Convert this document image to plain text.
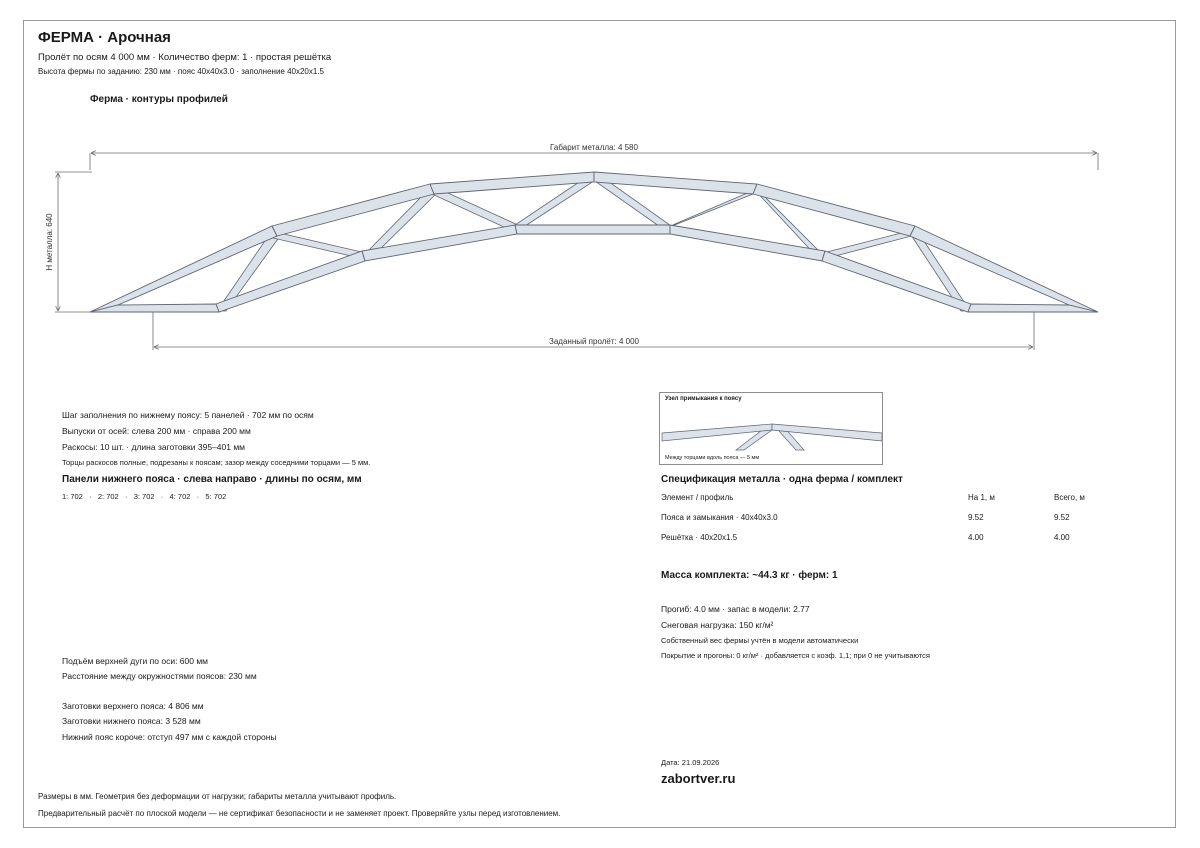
ФЕРМА · Арочная
Пролёт по осям 4 000 мм · Количество ферм: 1 · простая решётка
Высота фермы по заданию: 230 мм · пояс 40x40x3.0 · заполнение 40x20x1.5
Ферма · контуры профилей
Габарит металла: 4 580
Н металла: 640
Заданный пролёт: 4 000
Шаг заполнения по нижнему поясу: 5 панелей · 702 мм по осям
Выпуски от осей: слева 200 мм · справа 200 мм
Раскосы: 10 шт. · длина заготовки 395–401 мм
Торцы раскосов полные, подрезаны к поясам; зазор между соседними торцами — 5 мм.
Панели нижнего пояса · слева направо · длины по осям, мм
1: 702   ·   2: 702   ·   3: 702   ·   4: 702   ·   5: 702
Подъём верхней дуги по оси: 600 мм
Расстояние между окружностями поясов: 230 мм
Заготовки верхнего пояса: 4 806 мм
Заготовки нижнего пояса: 3 528 мм
Нижний пояс короче: отступ 497 мм с каждой стороны
Узел примыкания к поясу
Между торцами вдоль пояса — 5 мм
Спецификация металла · одна ферма / комплект
Элемент / профиль	На 1, м	Всего, м
Пояса и замыкания · 40x40x3.0	9.52	9.52
Решётка · 40x20x1.5	4.00	4.00
Масса комплекта: ~44.3 кг · ферм: 1
Прогиб: 4.0 мм · запас в модели: 2.77
Снеговая нагрузка: 150 кг/м²
Собственный вес фермы учтён в модели автоматически
Покрытие и прогоны: 0 кг/м² · добавляется с коэф. 1,1; при 0 не учитываются
Дата: 21.09.2026
zabortver.ru
Размеры в мм. Геометрия без деформации от нагрузки; габариты металла учитывают профиль.
Предварительный расчёт по плоской модели — не сертификат безопасности и не заменяет проект. Проверяйте узлы перед изготовлением.
